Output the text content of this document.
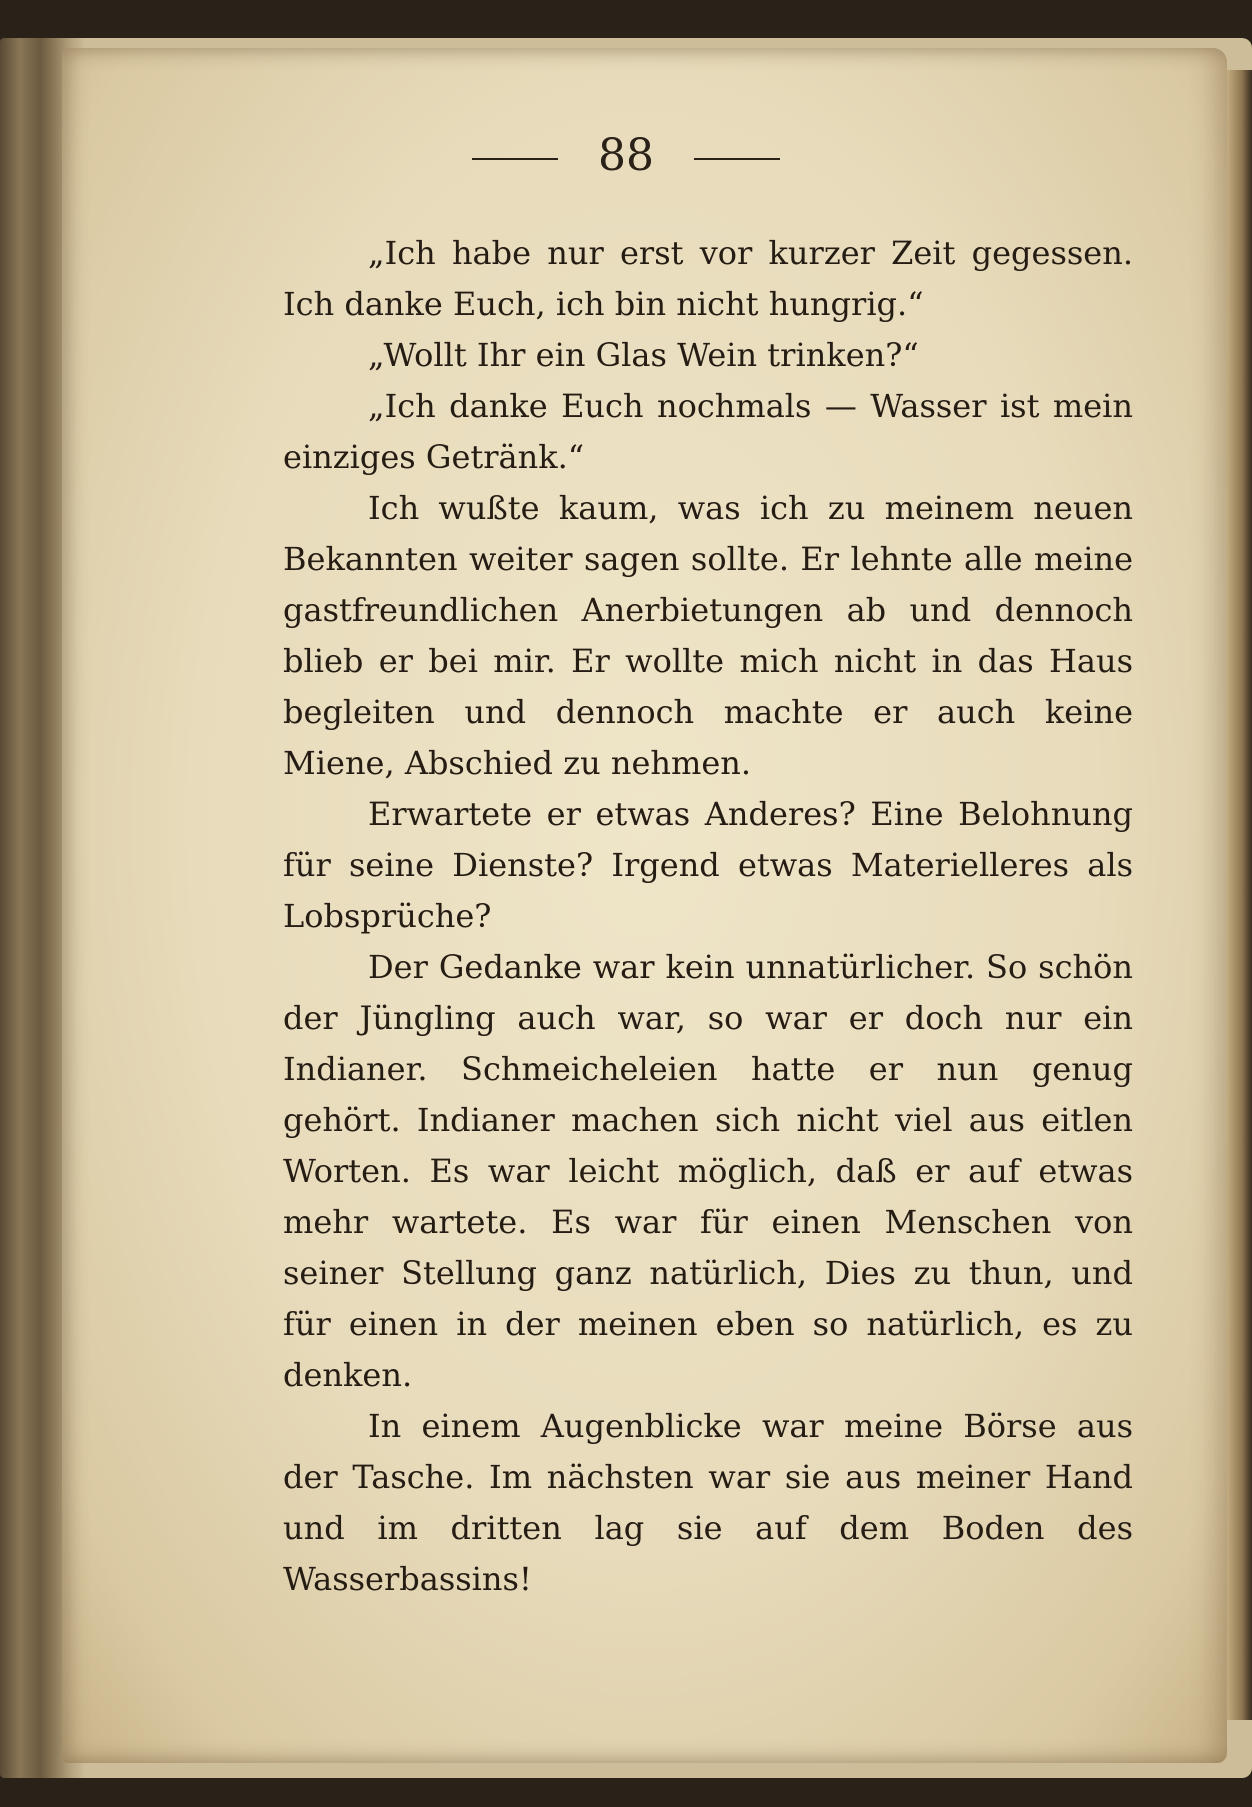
88

„Ich habe nur erst vor kurzer Zeit gegessen. Ich danke Euch, ich bin nicht hungrig.“

„Wollt Ihr ein Glas Wein trinken?“

„Ich danke Euch nochmals — Wasser ist mein einziges Getränk.“

Ich wußte kaum, was ich zu meinem neuen Bekannten weiter sagen sollte. Er lehnte alle meine gastfreundlichen Anerbietungen ab und dennoch blieb er bei mir. Er wollte mich nicht in das Haus begleiten und dennoch machte er auch keine Miene, Abschied zu nehmen.

Erwartete er etwas Anderes? Eine Belohnung für seine Dienste? Irgend etwas Materielleres als Lobsprüche?

Der Gedanke war kein unnatürlicher. So schön der Jüngling auch war, so war er doch nur ein Indianer. Schmeicheleien hatte er nun genug gehört. Indianer machen sich nicht viel aus eitlen Worten. Es war leicht möglich, daß er auf etwas mehr wartete. Es war für einen Menschen von seiner Stellung ganz natürlich, Dies zu thun, und für einen in der meinen eben so natürlich, es zu denken.

In einem Augenblicke war meine Börse aus der Tasche. Im nächsten war sie aus meiner Hand und im dritten lag sie auf dem Boden des Wasserbassins!
